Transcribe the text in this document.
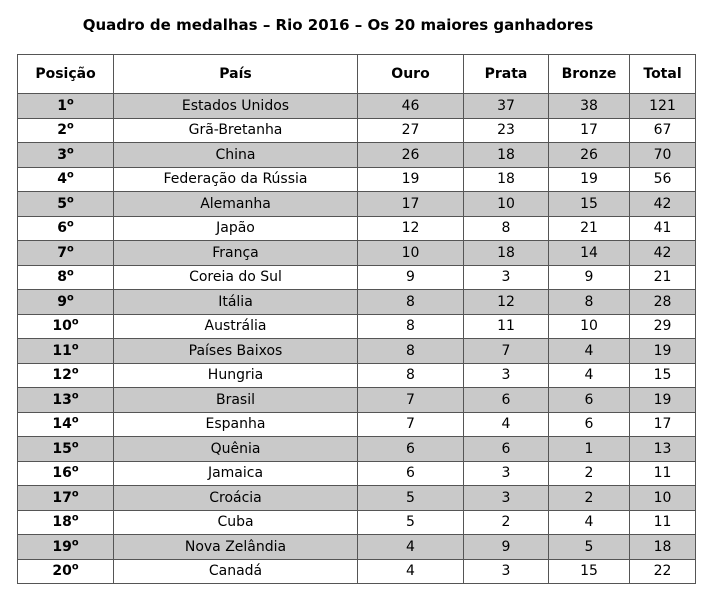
Quadro de medalhas – Rio 2016 – Os 20 maiores ganhadores
Posição	País	Ouro	Prata	Bronze	Total
1$^o$	Estados Unidos	46	37	38	121
2$^o$	Grã-Bretanha	27	23	17	67
3$^o$	China	26	18	26	70
4$^o$	Federação da Rússia	19	18	19	56
5$^o$	Alemanha	17	10	15	42
6$^o$	Japão	12	8	21	41
7$^o$	França	10	18	14	42
8$^o$	Coreia do Sul	9	3	9	21
9$^o$	Itália	8	12	8	28
10$^o$	Austrália	8	11	10	29
11$^o$	Países Baixos	8	7	4	19
12$^o$	Hungria	8	3	4	15
13$^o$	Brasil	7	6	6	19
14$^o$	Espanha	7	4	6	17
15$^o$	Quênia	6	6	1	13
16$^o$	Jamaica	6	3	2	11
17$^o$	Croácia	5	3	2	10
18$^o$	Cuba	5	2	4	11
19$^o$	Nova Zelândia	4	9	5	18
20$^o$	Canadá	4	3	15	22
